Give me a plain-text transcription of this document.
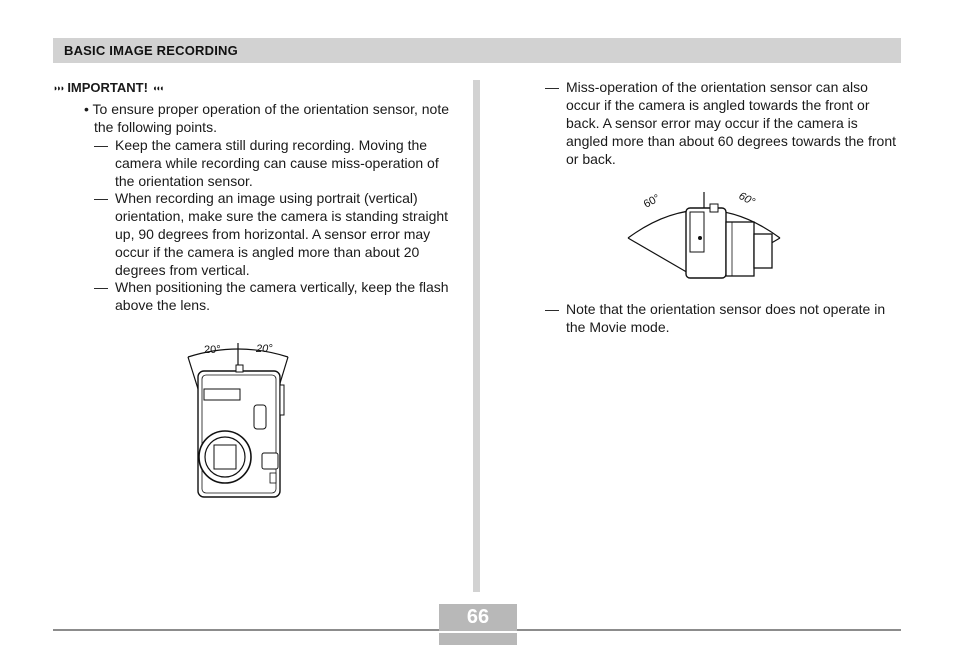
BASIC IMAGE RECORDING
◗◗◗ IMPORTANT! ◖◖◖
• To ensure proper operation of the orientation sensor, note the following points.
— Keep the camera still during recording. Moving the camera while recording can cause miss-operation of the orientation sensor.
— When recording an image using portrait (vertical) orientation, make sure the camera is standing straight up, 90 degrees from horizontal. A sensor error may occur if the camera is angled more than about 20 degrees from vertical.
— When positioning the camera vertically, keep the flash above the lens.
20°	20°
— Miss-operation of the orientation sensor can also occur if the camera is angled towards the front or back. A sensor error may occur if the camera is angled more than about 60 degrees towards the front or back.
60°	60°
— Note that the orientation sensor does not operate in the Movie mode.
66
